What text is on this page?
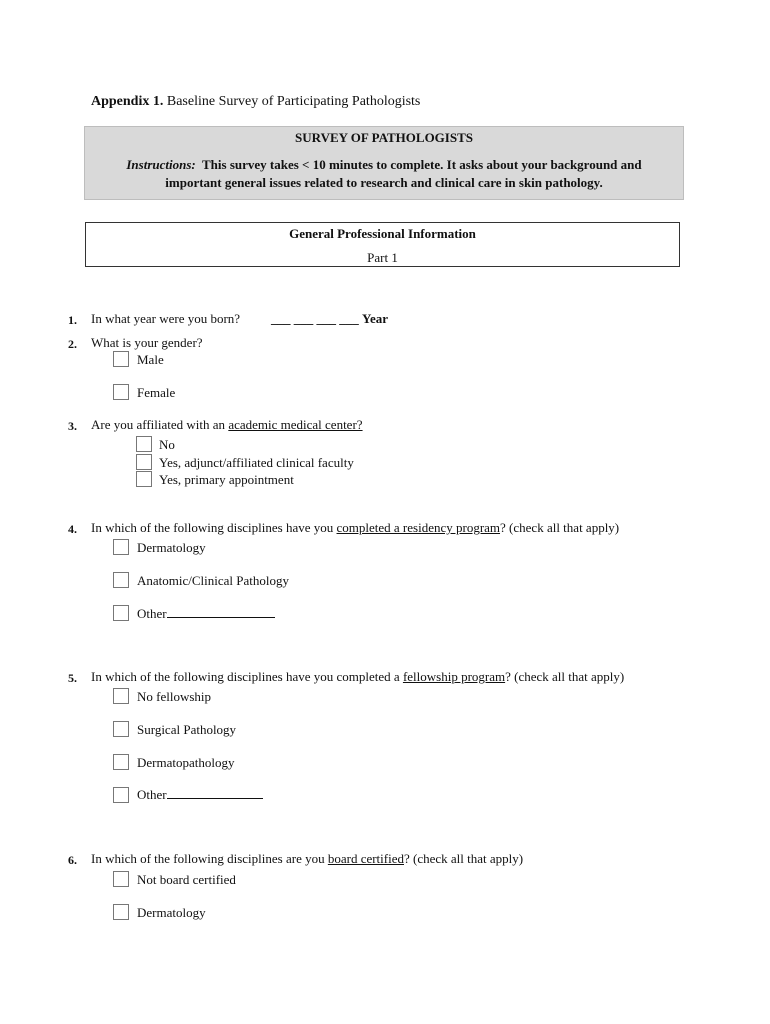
Appendix 1. Baseline Survey of Participating Pathologists
SURVEY OF PATHOLOGISTS
Instructions: This survey takes < 10 minutes to complete. It asks about your background and
important general issues related to research and clinical care in skin pathology.
General Professional Information
Part 1
1. In what year were you born? ___ ___ ___ ___ Year
2. What is your gender?
Male
Female
3. Are you affiliated with an academic medical center?
No
Yes, adjunct/affiliated clinical faculty
Yes, primary appointment
4. In which of the following disciplines have you completed a residency program? (check all that apply)
Dermatology
Anatomic/Clinical Pathology
Other
5. In which of the following disciplines have you completed a fellowship program? (check all that apply)
No fellowship
Surgical Pathology
Dermatopathology
Other
6. In which of the following disciplines are you board certified? (check all that apply)
Not board certified
Dermatology
